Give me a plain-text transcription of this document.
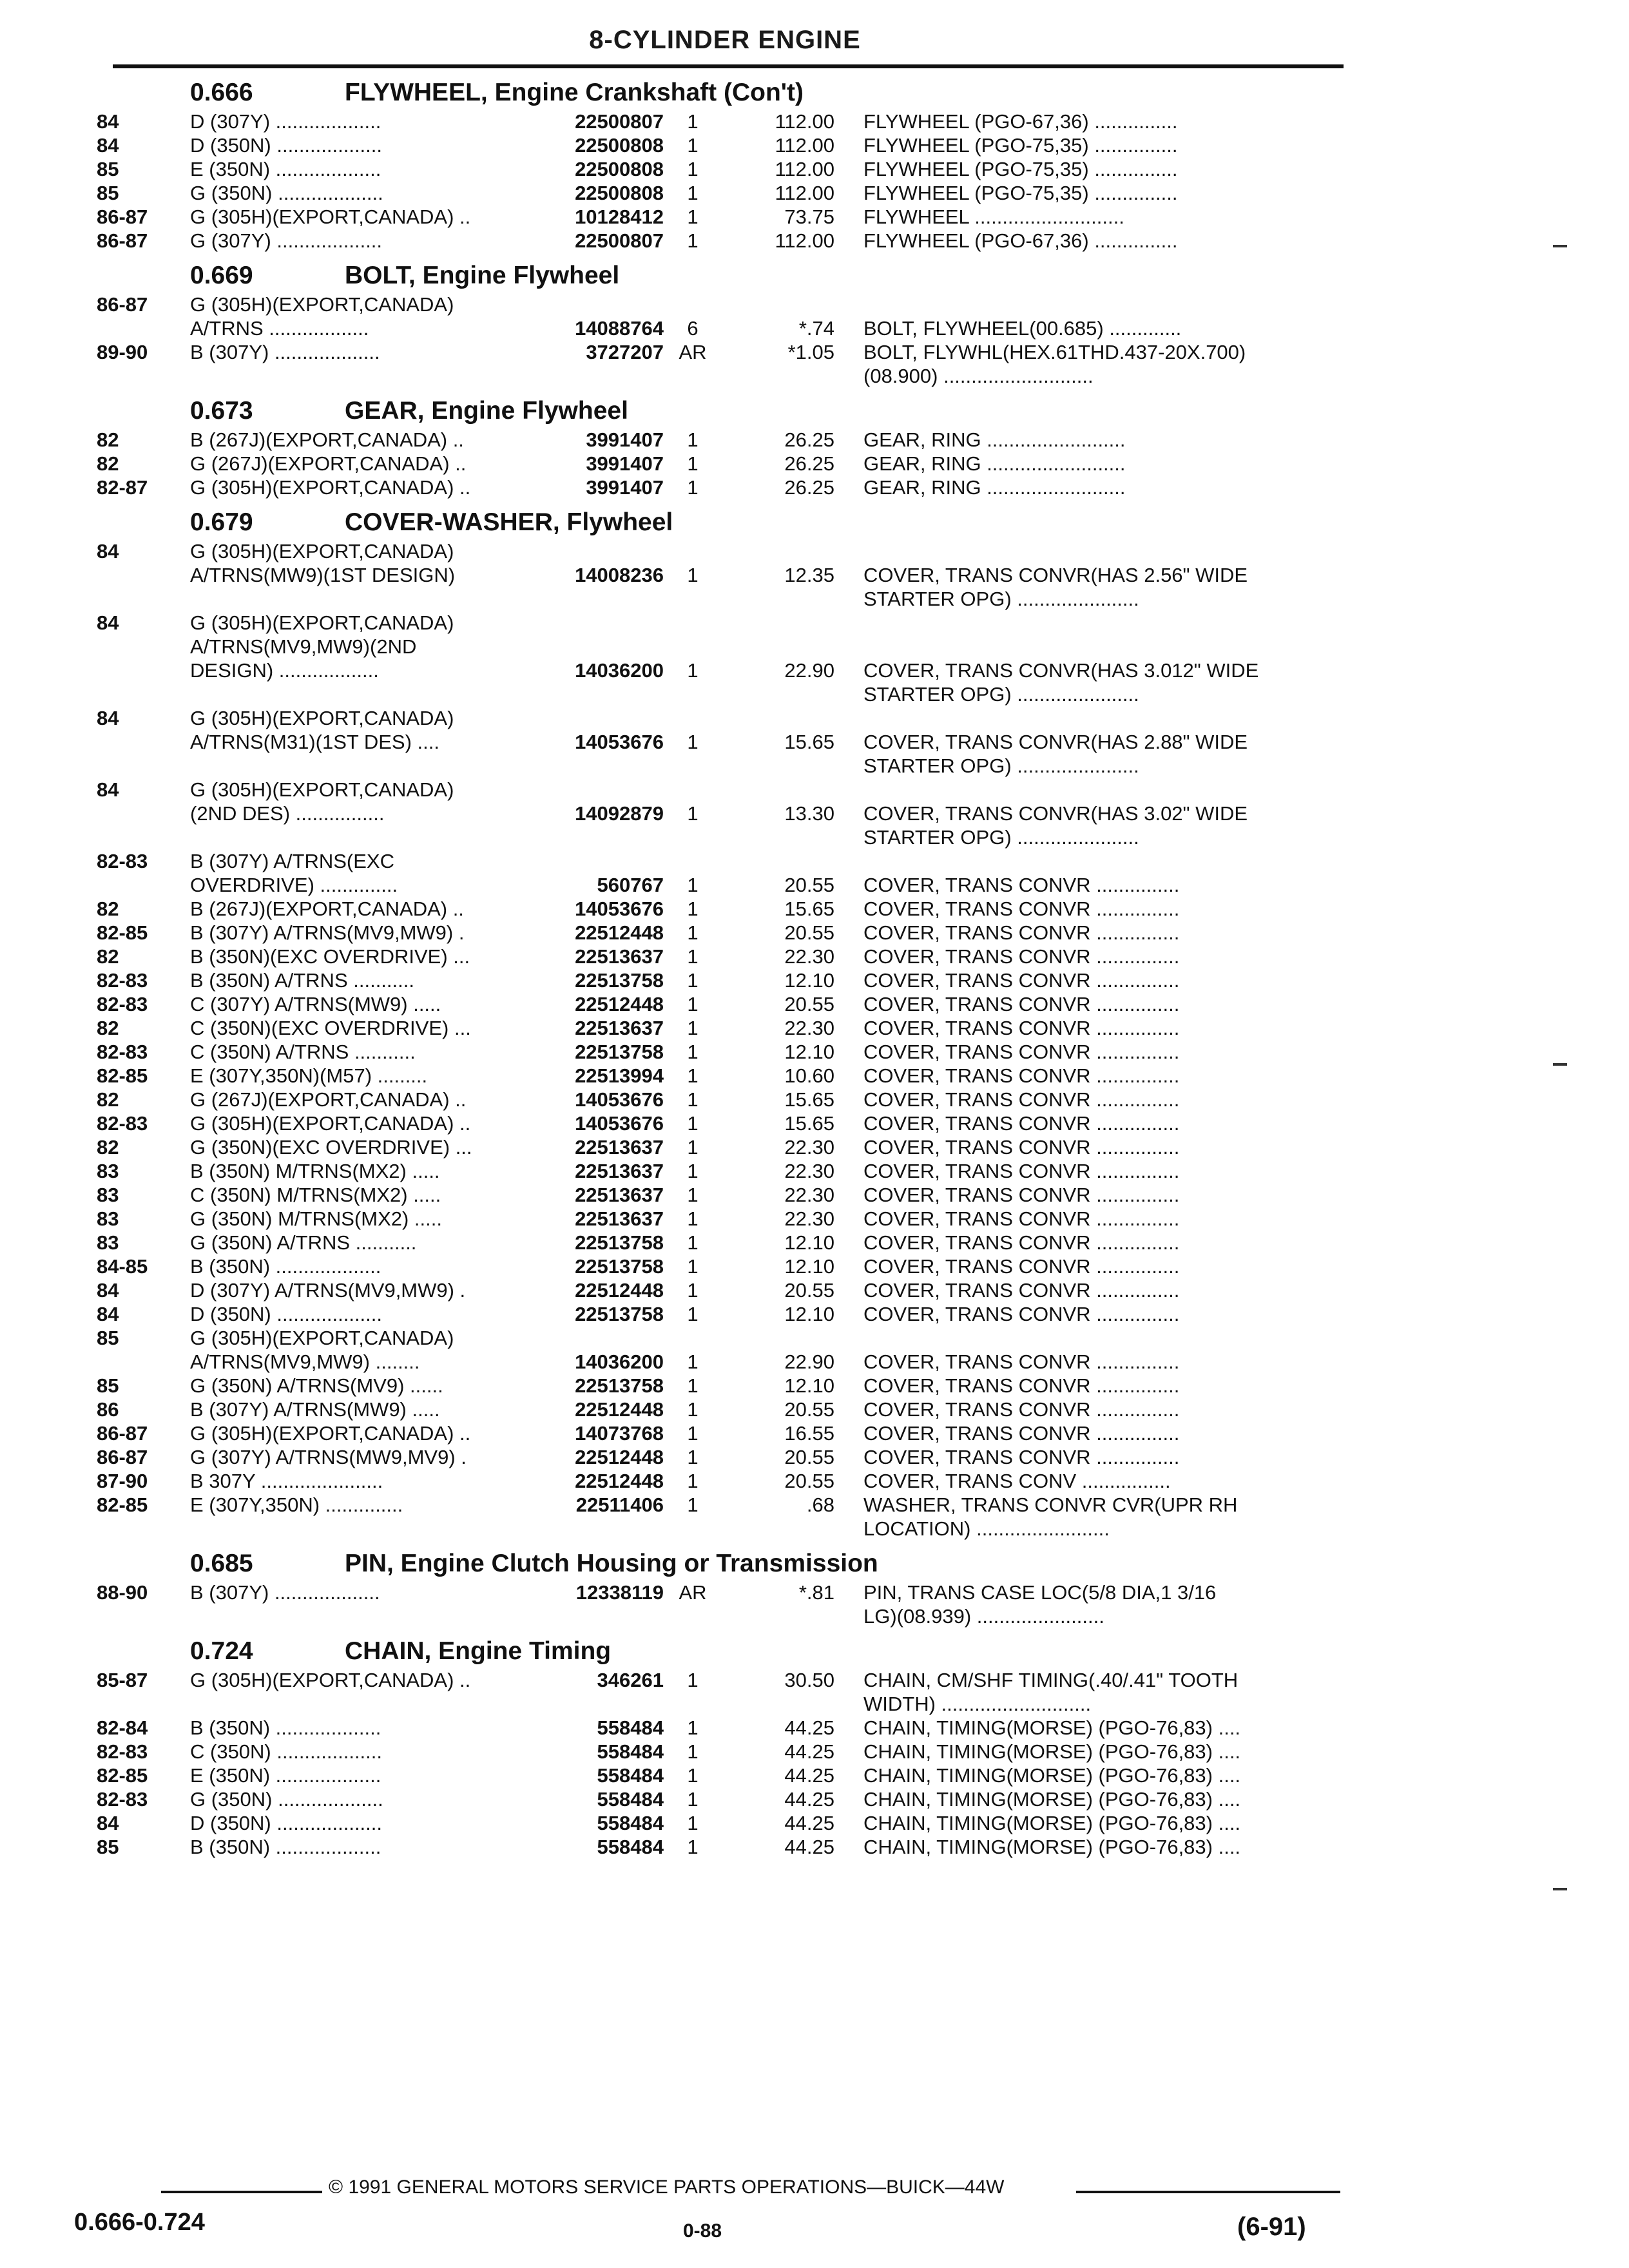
8-CYLINDER ENGINE
0.666	FLYWHEEL, Engine Crankshaft (Con't)
84	D (307Y) ...................	22500807	1	112.00 FLYWHEEL (PGO-67,36) ...............
84	D (350N) ...................	22500808	1	112.00 FLYWHEEL (PGO-75,35) ...............
85	E (350N) ...................	22500808	1	112.00 FLYWHEEL (PGO-75,35) ...............
85	G (350N) ...................	22500808	1	112.00 FLYWHEEL (PGO-75,35) ...............
86-87	G (305H)(EXPORT,CANADA) ..	10128412	1	73.75 FLYWHEEL ...........................
86-87	G (307Y) ...................	22500807	1	112.00 FLYWHEEL (PGO-67,36) ...............
0.669	BOLT, Engine Flywheel
86-87	G (305H)(EXPORT,CANADA)
A/TRNS ..................	14088764	6	*.74 BOLT, FLYWHEEL(00.685) .............
89-90	B (307Y) ...................	3727207 AR	*1.05 BOLT, FLYWHL(HEX.61THD.437-20X.700)
(08.900) ...........................
0.673	GEAR, Engine Flywheel
82	B (267J)(EXPORT,CANADA) ..	3991407	1	26.25 GEAR, RING .........................
82	G (267J)(EXPORT,CANADA) ..	3991407	1	26.25 GEAR, RING .........................
82-87	G (305H)(EXPORT,CANADA) ..	3991407	1	26.25 GEAR, RING .........................
0.679	COVER-WASHER, Flywheel
84	G (305H)(EXPORT,CANADA)
A/TRNS(MW9)(1ST DESIGN)	14008236	1	12.35 COVER, TRANS CONVR(HAS 2.56" WIDE
STARTER OPG) ......................
84	G (305H)(EXPORT,CANADA)
A/TRNS(MV9,MW9)(2ND
DESIGN) ..................	14036200	1	22.90 COVER, TRANS CONVR(HAS 3.012" WIDE
STARTER OPG) ......................
84	G (305H)(EXPORT,CANADA)
A/TRNS(M31)(1ST DES) ....	14053676	1	15.65 COVER, TRANS CONVR(HAS 2.88" WIDE
STARTER OPG) ......................
84	G (305H)(EXPORT,CANADA)
(2ND DES) ................	14092879	1	13.30 COVER, TRANS CONVR(HAS 3.02" WIDE
STARTER OPG) ......................
82-83	B (307Y) A/TRNS(EXC
OVERDRIVE) ..............	560767	1	20.55 COVER, TRANS CONVR ...............
82	B (267J)(EXPORT,CANADA) ..	14053676	1	15.65 COVER, TRANS CONVR ...............
82-85	B (307Y) A/TRNS(MV9,MW9) .	22512448	1	20.55 COVER, TRANS CONVR ...............
82	B (350N)(EXC OVERDRIVE) ...	22513637	1	22.30 COVER, TRANS CONVR ...............
82-83	B (350N) A/TRNS ...........	22513758	1	12.10 COVER, TRANS CONVR ...............
82-83	C (307Y) A/TRNS(MW9) .....	22512448	1	20.55 COVER, TRANS CONVR ...............
82	C (350N)(EXC OVERDRIVE) ...	22513637	1	22.30 COVER, TRANS CONVR ...............
82-83	C (350N) A/TRNS ...........	22513758	1	12.10 COVER, TRANS CONVR ...............
82-85	E (307Y,350N)(M57) .........	22513994	1	10.60 COVER, TRANS CONVR ...............
82	G (267J)(EXPORT,CANADA) ..	14053676	1	15.65 COVER, TRANS CONVR ...............
82-83	G (305H)(EXPORT,CANADA) ..	14053676	1	15.65 COVER, TRANS CONVR ...............
82	G (350N)(EXC OVERDRIVE) ...	22513637	1	22.30 COVER, TRANS CONVR ...............
83	B (350N) M/TRNS(MX2) .....	22513637	1	22.30 COVER, TRANS CONVR ...............
83	C (350N) M/TRNS(MX2) .....	22513637	1	22.30 COVER, TRANS CONVR ...............
83	G (350N) M/TRNS(MX2) .....	22513637	1	22.30 COVER, TRANS CONVR ...............
83	G (350N) A/TRNS ...........	22513758	1	12.10 COVER, TRANS CONVR ...............
84-85	B (350N) ...................	22513758	1	12.10 COVER, TRANS CONVR ...............
84	D (307Y) A/TRNS(MV9,MW9) .	22512448	1	20.55 COVER, TRANS CONVR ...............
84	D (350N) ...................	22513758	1	12.10 COVER, TRANS CONVR ...............
85	G (305H)(EXPORT,CANADA)
A/TRNS(MV9,MW9) ........	14036200	1	22.90 COVER, TRANS CONVR ...............
85	G (350N) A/TRNS(MV9) ......	22513758	1	12.10 COVER, TRANS CONVR ...............
86	B (307Y) A/TRNS(MW9) .....	22512448	1	20.55 COVER, TRANS CONVR ...............
86-87	G (305H)(EXPORT,CANADA) ..	14073768	1	16.55 COVER, TRANS CONVR ...............
86-87	G (307Y) A/TRNS(MW9,MV9) .	22512448	1	20.55 COVER, TRANS CONVR ...............
87-90	B 307Y ......................	22512448	1	20.55 COVER, TRANS CONV ................
82-85	E (307Y,350N) ..............	22511406	1	.68 WASHER, TRANS CONVR CVR(UPR RH
LOCATION) ........................
0.685	PIN, Engine Clutch Housing or Transmission
88-90	B (307Y) ...................	12338119 AR	*.81 PIN, TRANS CASE LOC(5/8 DIA,1 3/16
LG)(08.939) .......................
0.724	CHAIN, Engine Timing
85-87	G (305H)(EXPORT,CANADA) ..	346261	1	30.50 CHAIN, CM/SHF TIMING(.40/.41" TOOTH
WIDTH) ...........................
82-84	B (350N) ...................	558484	1	44.25 CHAIN, TIMING(MORSE) (PGO-76,83) ....
82-83	C (350N) ...................	558484	1	44.25 CHAIN, TIMING(MORSE) (PGO-76,83) ....
82-85	E (350N) ...................	558484	1	44.25 CHAIN, TIMING(MORSE) (PGO-76,83) ....
82-83	G (350N) ...................	558484	1	44.25 CHAIN, TIMING(MORSE) (PGO-76,83) ....
84	D (350N) ...................	558484	1	44.25 CHAIN, TIMING(MORSE) (PGO-76,83) ....
85	B (350N) ...................	558484	1	44.25 CHAIN, TIMING(MORSE) (PGO-76,83) ....
© 1991 GENERAL MOTORS SERVICE PARTS OPERATIONS—BUICK—44W
0.666-0.724	0-88	(6-91)
